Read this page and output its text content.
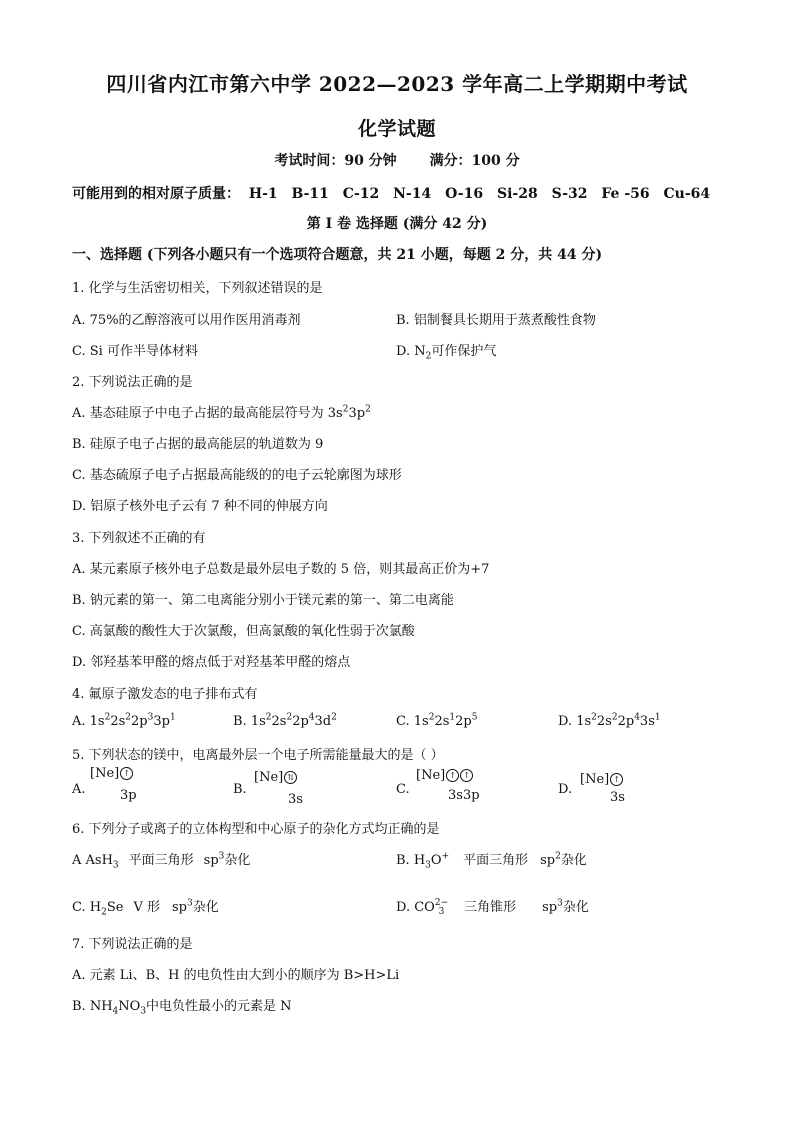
四川省内江市第六中学 2022—2023 学年高二上学期期中考试
化学试题
考试时间：90 分钟 满分：100 分
可能用到的相对原子质量： H-1 B-11 C-12 N-14 O-16 Si-28 S-32 Fe -56 Cu-64
第 I 卷 选择题 (满分 42 分)
一、选择题 (下列各小题只有一个选项符合题意，共 21 小题，每题 2 分，共 44 分)
1. 化学与生活密切相关，下列叙述错误的是
A. 75%的乙醇溶液可以用作医用消毒剂	B. 铝制餐具长期用于蒸煮酸性食物
C. Si 可作半导体材料	D. $N_2$可作保护气
2. 下列说法正确的是
A. 基态硅原子中电子占据的最高能层符号为 $3s^23p^2$
B. 硅原子电子占据的最高能层的轨道数为 9
C. 基态硫原子电子占据最高能级的的电子云轮廓图为球形
D. 铝原子核外电子云有 7 种不同的伸展方向
3. 下列叙述不正确的有
A. 某元素原子核外电子总数是最外层电子数的 5 倍，则其最高正价为+7
B. 钠元素的第一、第二电离能分别小于镁元素的第一、第二电离能
C. 高氯酸的酸性大于次氯酸，但高氯酸的氧化性弱于次氯酸
D. 邻羟基苯甲醛的熔点低于对羟基苯甲醛的熔点
4. 氟原子激发态的电子排布式有
A. $1s^22s^22p^33p^1$	B. $1s^22s^22p^43d^2$	C. $1s^22s^12p^5$	D. $1s^22s^22p^43s^1$
5. 下列状态的镁中，电离最外层一个电子所需能量最大的是（ ）
A.
[Ne] ↑
3p	B.
[Ne] ⇅
3s
C.
[Ne] ↑ ↑
3s3p	D.
[Ne] ↑
3s
6. 下列分子或离子的立体构型和中心原子的杂化方式均正确的是
A AsH$_3$ 平面三角形 $sp^3$杂化	B. $H_3O^+$ 平面三角形 $sp^2$杂化
C. $H_2Se$ V 形 $sp^3$杂化	D. CO2−
3 三角锥形 $sp^3$杂化
7. 下列说法正确的是
A. 元素 Li、B、H 的电负性由大到小的顺序为 B>H>Li
B. $NH_4NO_3$中电负性最小的元素是 N
